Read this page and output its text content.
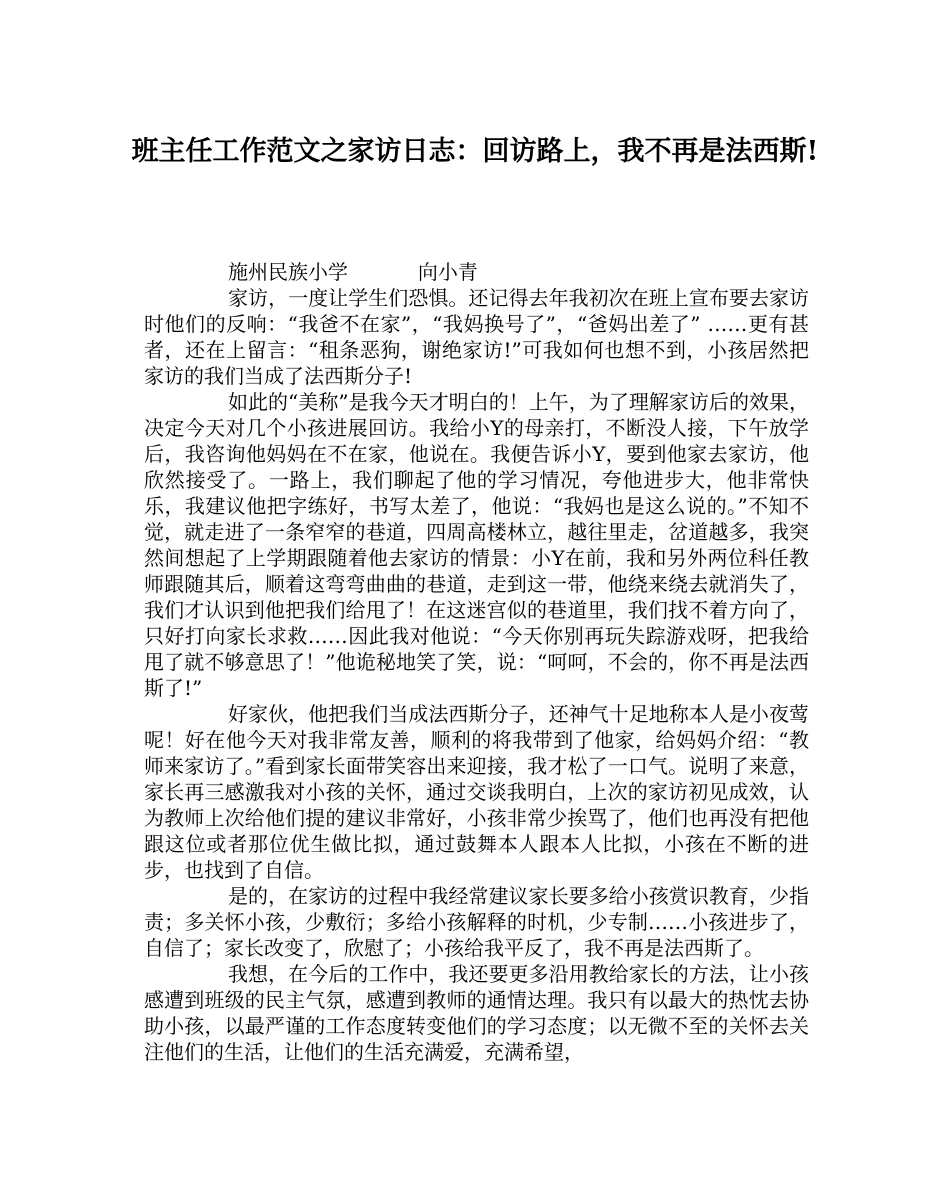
班主任工作范文之家访日志：回访路上，我不再是法西斯!

施州民族小学           向小青

家访，一度让学生们恐惧。还记得去年我初次在班上宣布要去家访时他们的反响：“我爸不在家”，“我妈换号了”，“爸妈出差了” ……更有甚者，还在上留言：“租条恶狗，谢绝家访!”可我如何也想不到，小孩居然把家访的我们当成了法西斯分子!

如此的“美称”是我今天才明白的！上午，为了理解家访后的效果，决定今天对几个小孩进展回访。我给小Y的母亲打，不断没人接，下午放学后，我咨询他妈妈在不在家，他说在。我便告诉小Y，要到他家去家访，他欣然接受了。一路上，我们聊起了他的学习情况，夸他进步大，他非常快乐，我建议他把字练好，书写太差了，他说：“我妈也是这么说的。”不知不觉，就走进了一条窄窄的巷道，四周高楼林立，越往里走，岔道越多，我突然间想起了上学期跟随着他去家访的情景：小Y在前，我和另外两位科任教师跟随其后，顺着这弯弯曲曲的巷道，走到这一带，他绕来绕去就消失了，我们才认识到他把我们给甩了！在这迷宫似的巷道里，我们找不着方向了，只好打向家长求救……因此我对他说：“今天你别再玩失踪游戏呀，把我给甩了就不够意思了！”他诡秘地笑了笑，说：“呵呵，不会的，你不再是法西斯了!”

好家伙，他把我们当成法西斯分子，还神气十足地称本人是小夜莺呢！好在他今天对我非常友善，顺利的将我带到了他家，给妈妈介绍：“教师来家访了。”看到家长面带笑容出来迎接，我才松了一口气。说明了来意，家长再三感激我对小孩的关怀，通过交谈我明白，上次的家访初见成效，认为教师上次给他们提的建议非常好，小孩非常少挨骂了，他们也再没有把他跟这位或者那位优生做比拟，通过鼓舞本人跟本人比拟，小孩在不断的进步，也找到了自信。

是的，在家访的过程中我经常建议家长要多给小孩赏识教育，少指责；多关怀小孩，少敷衍；多给小孩解释的时机，少专制……小孩进步了，自信了；家长改变了，欣慰了；小孩给我平反了，我不再是法西斯了。

我想，在今后的工作中，我还要更多沿用教给家长的方法，让小孩感遭到班级的民主气氛，感遭到教师的通情达理。我只有以最大的热忱去协助小孩，以最严谨的工作态度转变他们的学习态度；以无微不至的关怀去关注他们的生活，让他们的生活充满爱，充满希望，
